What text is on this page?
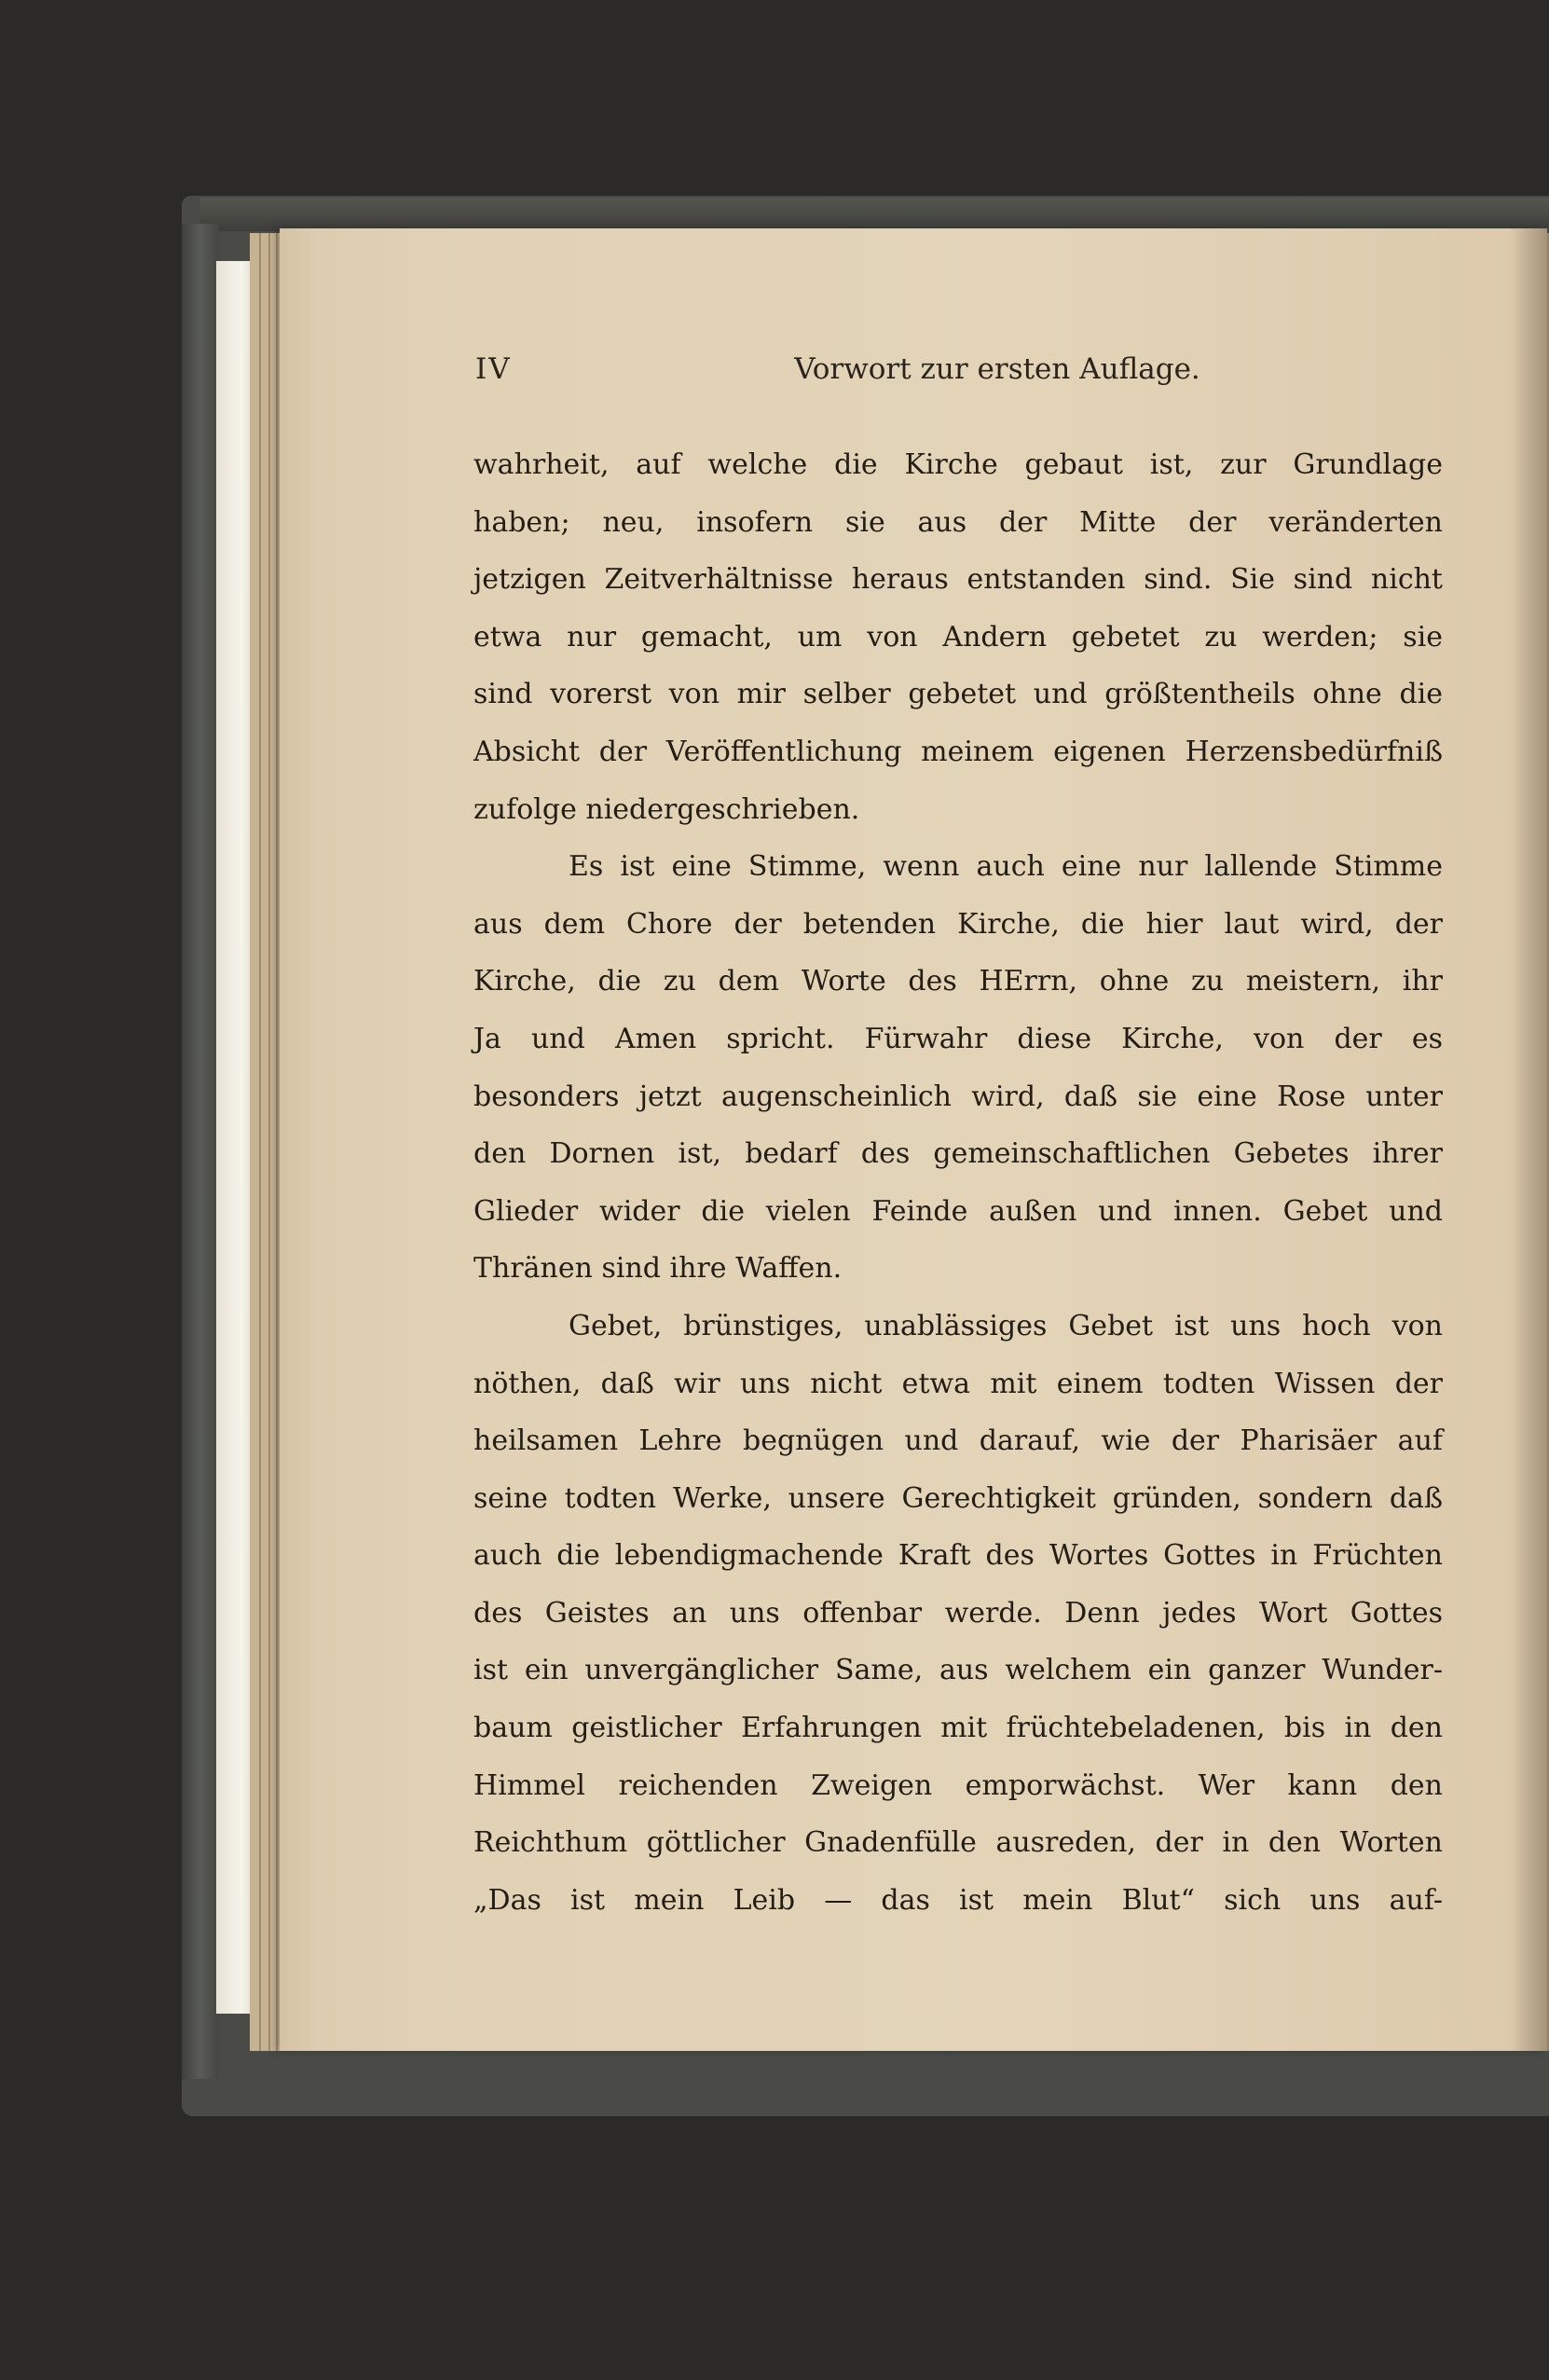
IV	Vorwort zur ersten Auflage.

wahrheit, auf welche die Kirche gebaut ist, zur Grundlage

haben; neu, insofern sie aus der Mitte der veränderten

jetzigen Zeitverhältnisse heraus entstanden sind. Sie sind nicht

etwa nur gemacht, um von Andern gebetet zu werden; sie

sind vorerst von mir selber gebetet und größtentheils ohne die

Absicht der Veröffentlichung meinem eigenen Herzensbedürfniß

zufolge niedergeschrieben.

Es ist eine Stimme, wenn auch eine nur lallende Stimme

aus dem Chore der betenden Kirche, die hier laut wird, der

Kirche, die zu dem Worte des HErrn, ohne zu meistern, ihr

Ja und Amen spricht. Fürwahr diese Kirche, von der es

besonders jetzt augenscheinlich wird, daß sie eine Rose unter

den Dornen ist, bedarf des gemeinschaftlichen Gebetes ihrer

Glieder wider die vielen Feinde außen und innen. Gebet und

Thränen sind ihre Waffen.

Gebet, brünstiges, unablässiges Gebet ist uns hoch von

nöthen, daß wir uns nicht etwa mit einem todten Wissen der

heilsamen Lehre begnügen und darauf, wie der Pharisäer auf

seine todten Werke, unsere Gerechtigkeit gründen, sondern daß

auch die lebendigmachende Kraft des Wortes Gottes in Früchten

des Geistes an uns offenbar werde. Denn jedes Wort Gottes

ist ein unvergänglicher Same, aus welchem ein ganzer Wunder-

baum geistlicher Erfahrungen mit früchtebeladenen, bis in den

Himmel reichenden Zweigen emporwächst. Wer kann den

Reichthum göttlicher Gnadenfülle ausreden, der in den Worten

„Das ist mein Leib — das ist mein Blut“ sich uns auf-
